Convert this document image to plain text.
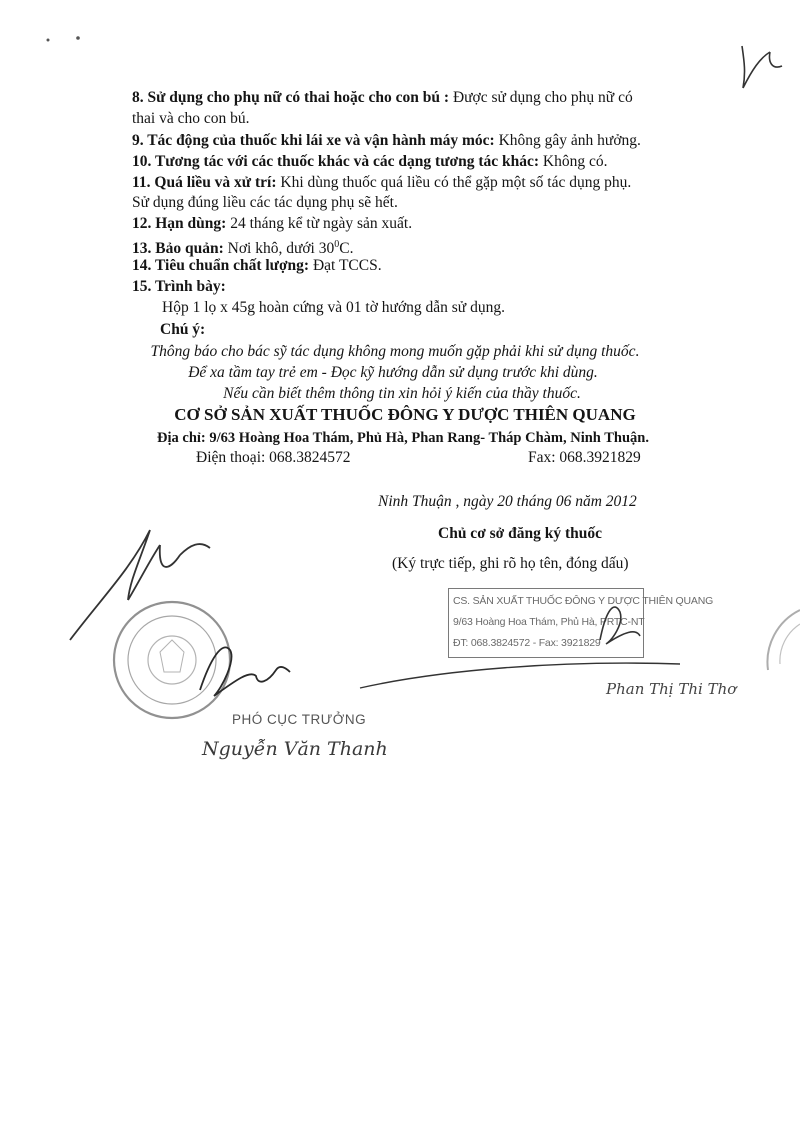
8. Sử dụng cho phụ nữ có thai hoặc cho con bú : Được sử dụng cho phụ nữ có
thai và cho con bú.
9. Tác động của thuốc khi lái xe và vận hành máy móc: Không gây ảnh hưởng.
10. Tương tác với các thuốc khác và các dạng tương tác khác: Không có.
11. Quá liều và xử trí: Khi dùng thuốc quá liều có thể gặp một số tác dụng phụ.
Sử dụng đúng liều các tác dụng phụ sẽ hết.
12. Hạn dùng: 24 tháng kể từ ngày sản xuất.
13. Bảo quản: Nơi khô, dưới $30^0C$.
14. Tiêu chuẩn chất lượng: Đạt TCCS.
15. Trình bày:
Hộp 1 lọ x 45g hoàn cứng và 01 tờ hướng dẫn sử dụng.
Chú ý:
Thông báo cho bác sỹ tác dụng không mong muốn gặp phải khi sử dụng thuốc.
Để xa tầm tay trẻ em - Đọc kỹ hướng dẫn sử dụng trước khi dùng.
Nếu cần biết thêm thông tin xin hỏi ý kiến của thầy thuốc.
CƠ SỞ SẢN XUẤT THUỐC ĐÔNG Y DƯỢC THIÊN QUANG
Địa chỉ: 9/63 Hoàng Hoa Thám, Phủ Hà, Phan Rang- Tháp Chàm, Ninh Thuận.
Điện thoại: 068.3824572	Fax: 068.3921829
Ninh Thuận , ngày 20 tháng 06 năm 2012
Chủ cơ sở đăng ký thuốc
(Ký trực tiếp, ghi rõ họ tên, đóng dấu)
CS. SẢN XUẤT THUỐC ĐÔNG Y DƯỢC THIÊN QUANG
9/63 Hoàng Hoa Thám, Phủ Hà, PRTC-NT
ĐT: 068.3824572 - Fax: 3921829
Phan Thị Thi Thơ
PHÓ CỤC TRƯỞNG
Nguyễn Văn Thanh
